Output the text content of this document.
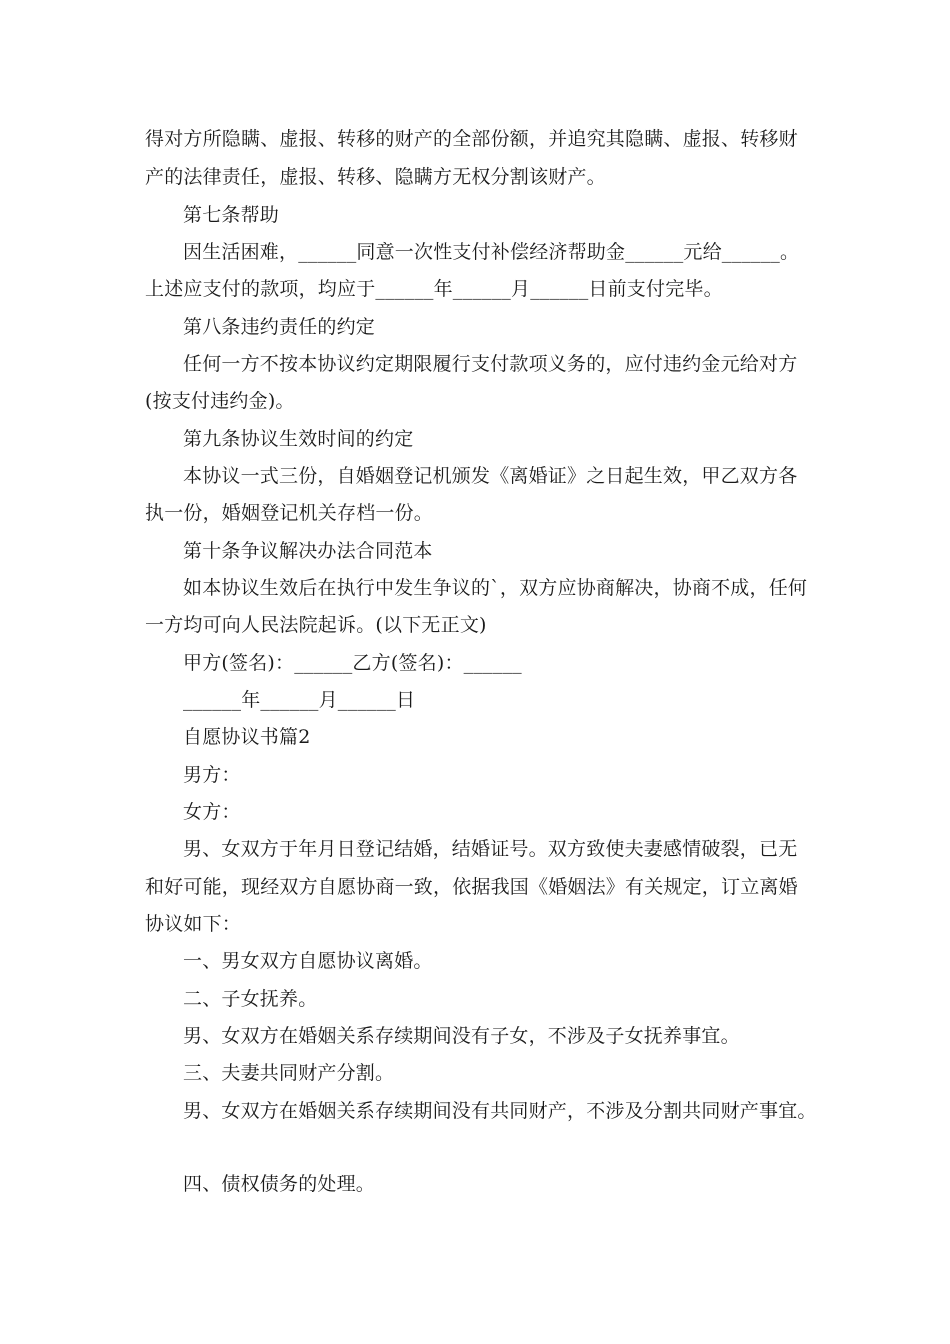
得对方所隐瞒、虚报、转移的财产的全部份额，并追究其隐瞒、虚报、转移财
产的法律责任，虚报、转移、隐瞒方无权分割该财产。
第七条帮助
因生活困难，______同意一次性支付补偿经济帮助金______元给______。
上述应支付的款项，均应于______年______月______日前支付完毕。
第八条违约责任的约定
任何一方不按本协议约定期限履行支付款项义务的，应付违约金元给对方
(按支付违约金)。
第九条协议生效时间的约定
本协议一式三份，自婚姻登记机颁发《离婚证》之日起生效，甲乙双方各
执一份，婚姻登记机关存档一份。
第十条争议解决办法合同范本
如本协议生效后在执行中发生争议的`，双方应协商解决，协商不成，任何
一方均可向人民法院起诉。(以下无正文)
甲方(签名)：______乙方(签名)：______
______年______月______日
自愿协议书篇2
男方：
女方：
男、女双方于年月日登记结婚，结婚证号。双方致使夫妻感情破裂，已无
和好可能，现经双方自愿协商一致，依据我国《婚姻法》有关规定，订立离婚
协议如下：
一、男女双方自愿协议离婚。
二、子女抚养。
男、女双方在婚姻关系存续期间没有子女，不涉及子女抚养事宜。
三、夫妻共同财产分割。
男、女双方在婚姻关系存续期间没有共同财产，不涉及分割共同财产事宜。
四、债权债务的处理。
